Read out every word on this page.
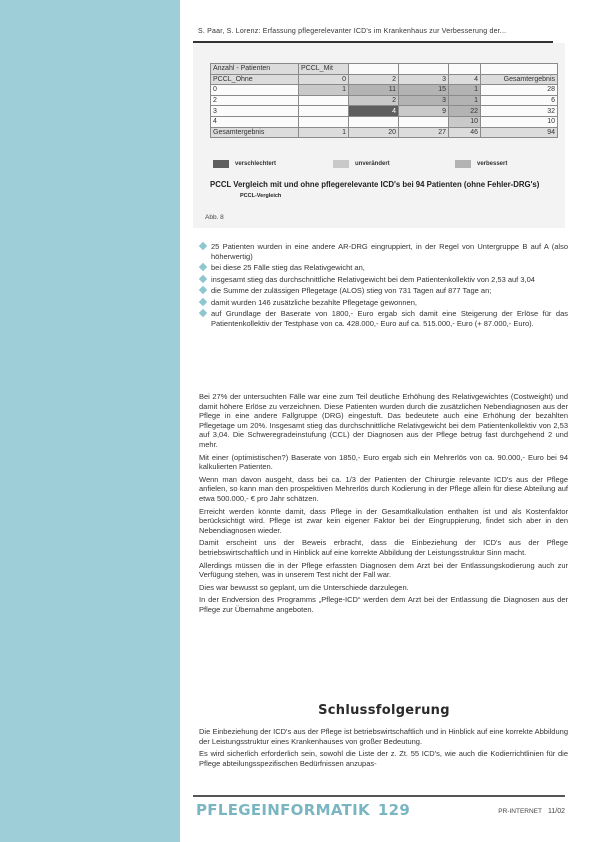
S. Paar, S. Lorenz: Erfassung pflegerelevanter ICD's im Krankenhaus zur Verbesserung der...
Anzahl - Patienten	PCCL_Mit				
PCCL_Ohne	0	2	3	4	Gesamtergebnis
0	1	11	15	1	28
2		2	3	1	6
3		4	9	22	32
4				10	10
Gesamtergebnis	1	20	27	46	94
verschlechtert	unverändert	verbessert
PCCL Vergleich mit und ohne pflegerelevante ICD's bei 94 Patienten (ohne Fehler-DRG's) PCCL-Vergleich
Abb. 8
25 Patienten wurden in eine andere AR-DRG eingruppiert, in der Regel von Untergruppe B auf A (also höherwertig)
bei diese 25 Fälle stieg das Relativgewicht an,
insgesamt stieg das durchschnittliche Relativgewicht bei dem Patientenkollektiv von 2,53 auf 3,04
die Summe der zulässigen Pflegetage (ALOS) stieg von 731 Tagen auf 877 Tage an;
damit wurden 146 zusätzliche bezahlte Pflegetage gewonnen,
auf Grundlage der Baserate von 1800,- Euro ergab sich damit eine Steigerung der Erlöse für das Patientenkollektiv der Testphase von ca. 428.000,- Euro auf ca. 515.000,- Euro (+ 87.000,- Euro).

Bei 27% der untersuchten Fälle war eine zum Teil deutliche Erhöhung des Relativgewichtes (Costweight) und damit höhere Erlöse zu verzeichnen. Diese Patienten wurden durch die zusätzlichen Nebendiagnosen aus der Pflege in eine andere Fallgruppe (DRG) eingestuft. Das bedeutete auch eine Erhöhung der bezahlten Pflegetage um 20%. Insgesamt stieg das durchschnittliche Relativgewicht bei dem Patientenkollektiv von 2,53 auf 3,04. Die Schweregradeinstufung (CCL) der Diagnosen aus der Pflege betrug fast durchgehend 2 und mehr.

Mit einer (optimistischen?) Baserate von 1850,- Euro ergab sich ein Mehrerlös von ca. 90.000,- Euro bei 94 kalkulierten Patienten.

Wenn man davon ausgeht, dass bei ca. 1/3 der Patienten der Chirurgie relevante ICD's aus der Pflege anfielen, so kann man den prospektiven Mehrerlös durch Kodierung in der Pflege allein für diese Abteilung auf etwa 500.000,- € pro Jahr schätzen.

Erreicht werden könnte damit, dass Pflege in der Gesamtkalkulation enthalten ist und als Kostenfaktor berücksichtigt wird. Pflege ist zwar kein eigener Faktor bei der Eingruppierung, findet sich aber in den Nebendiagnosen wieder.

Damit erscheint uns der Beweis erbracht, dass die Einbeziehung der ICD's aus der Pflege betriebswirtschaftlich und in Hinblick auf eine korrekte Abbildung der Leistungsstruktur Sinn macht.

Allerdings müssen die in der Pflege erfassten Diagnosen dem Arzt bei der Entlassungskodierung auch zur Verfügung stehen, was in unserem Test nicht der Fall war.

Dies war bewusst so geplant, um die Unterschiede darzulegen.

In der Endversion des Programms „Pflege-ICD“ werden dem Arzt bei der Entlassung die Diagnosen aus der Pflege zur Übernahme angeboten.

Schlussfolgerung

Die Einbeziehung der ICD's aus der Pflege ist betriebswirtschaftlich und in Hinblick auf eine korrekte Abbildung der Leistungsstruktur eines Krankenhauses von großer Bedeutung.

Es wird sicherlich erforderlich sein, sowohl die Liste der z. Zt. 55 ICD's, wie auch die Kodierrichtlinien für die Pflege abteilungsspezifischen Bedürfnissen anzupas-

PFLEGEINFORMATIK 129	PR-INTERNET 11/02
